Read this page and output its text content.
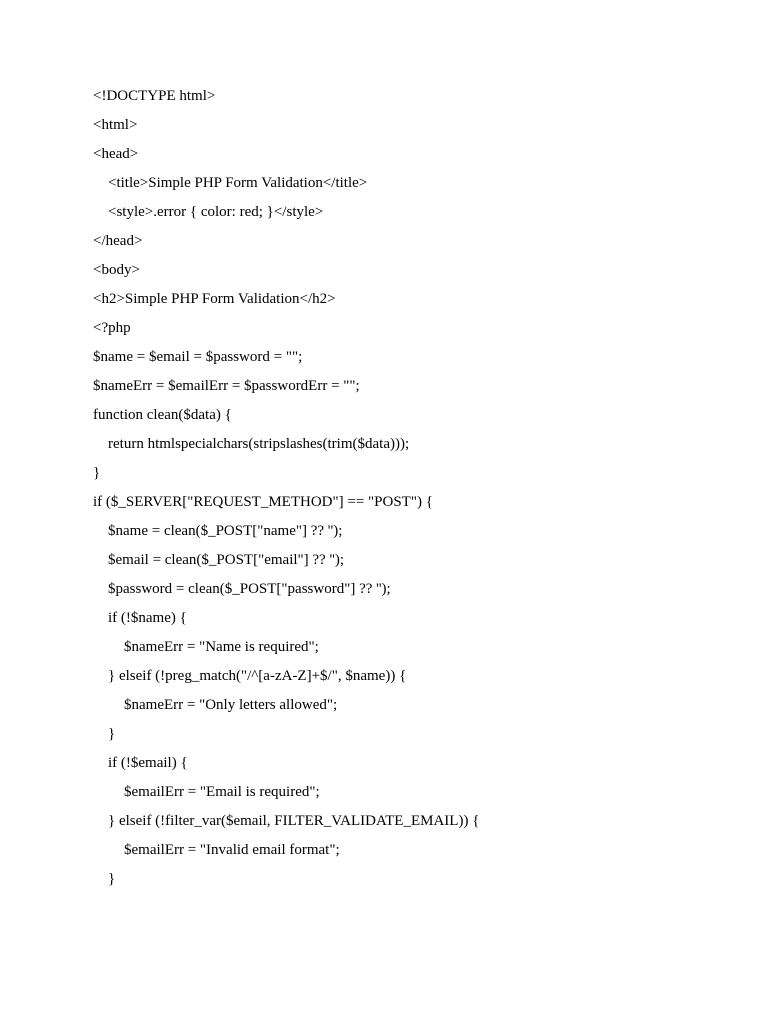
<!DOCTYPE html>
<html>
<head>
<title>Simple PHP Form Validation</title>
<style>.error { color: red; }</style>
</head>
<body>
<h2>Simple PHP Form Validation</h2>
<?php
$name = $email = $password = "";
$nameErr = $emailErr = $passwordErr = "";
function clean($data) {
return htmlspecialchars(stripslashes(trim($data)));
}
if ($_SERVER["REQUEST_METHOD"] == "POST") {
$name = clean($_POST["name"] ?? '');
$email = clean($_POST["email"] ?? '');
$password = clean($_POST["password"] ?? '');
if (!$name) {
$nameErr = "Name is required";
} elseif (!preg_match("/^[a-zA-Z]+$/", $name)) {
$nameErr = "Only letters allowed";
}
if (!$email) {
$emailErr = "Email is required";
} elseif (!filter_var($email, FILTER_VALIDATE_EMAIL)) {
$emailErr = "Invalid email format";
}
